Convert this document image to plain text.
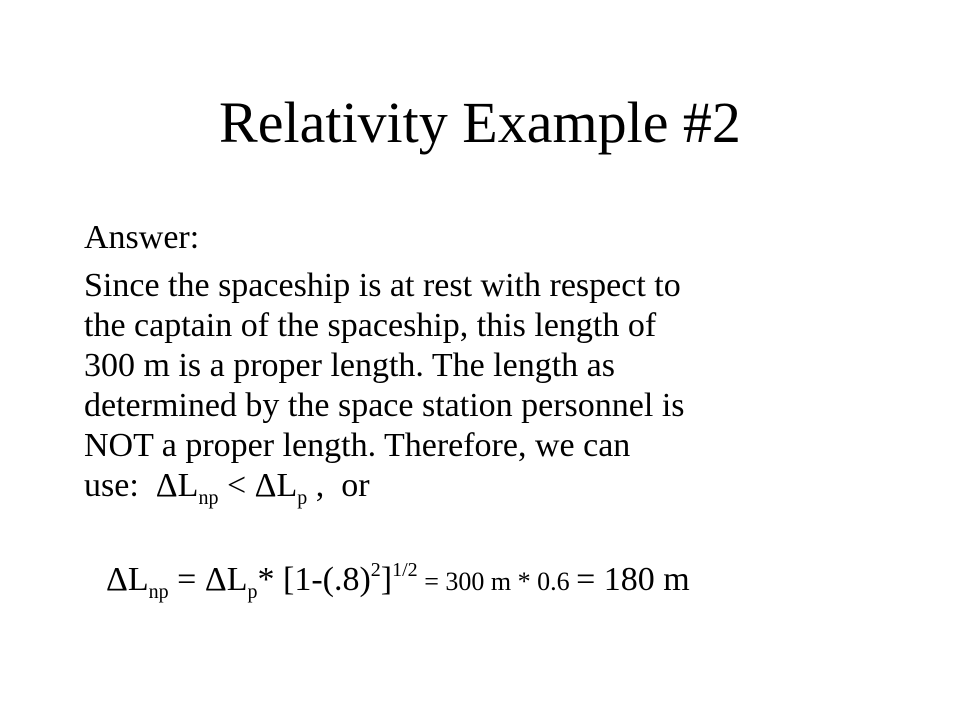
Relativity Example #2

Answer:

Since the spaceship is at rest with respect to
the captain of the spaceship, this length of
300 m is a proper length. The length as
determined by the space station personnel is
NOT a proper length. Therefore, we can
use:  $\Delta L_{np} < \Delta L_p$ ,  or

$\Delta L_{np} = \Delta L_p*$ $[1-(.8)^2]^{1/2} = 300$ m * 0.6 = 180 m
